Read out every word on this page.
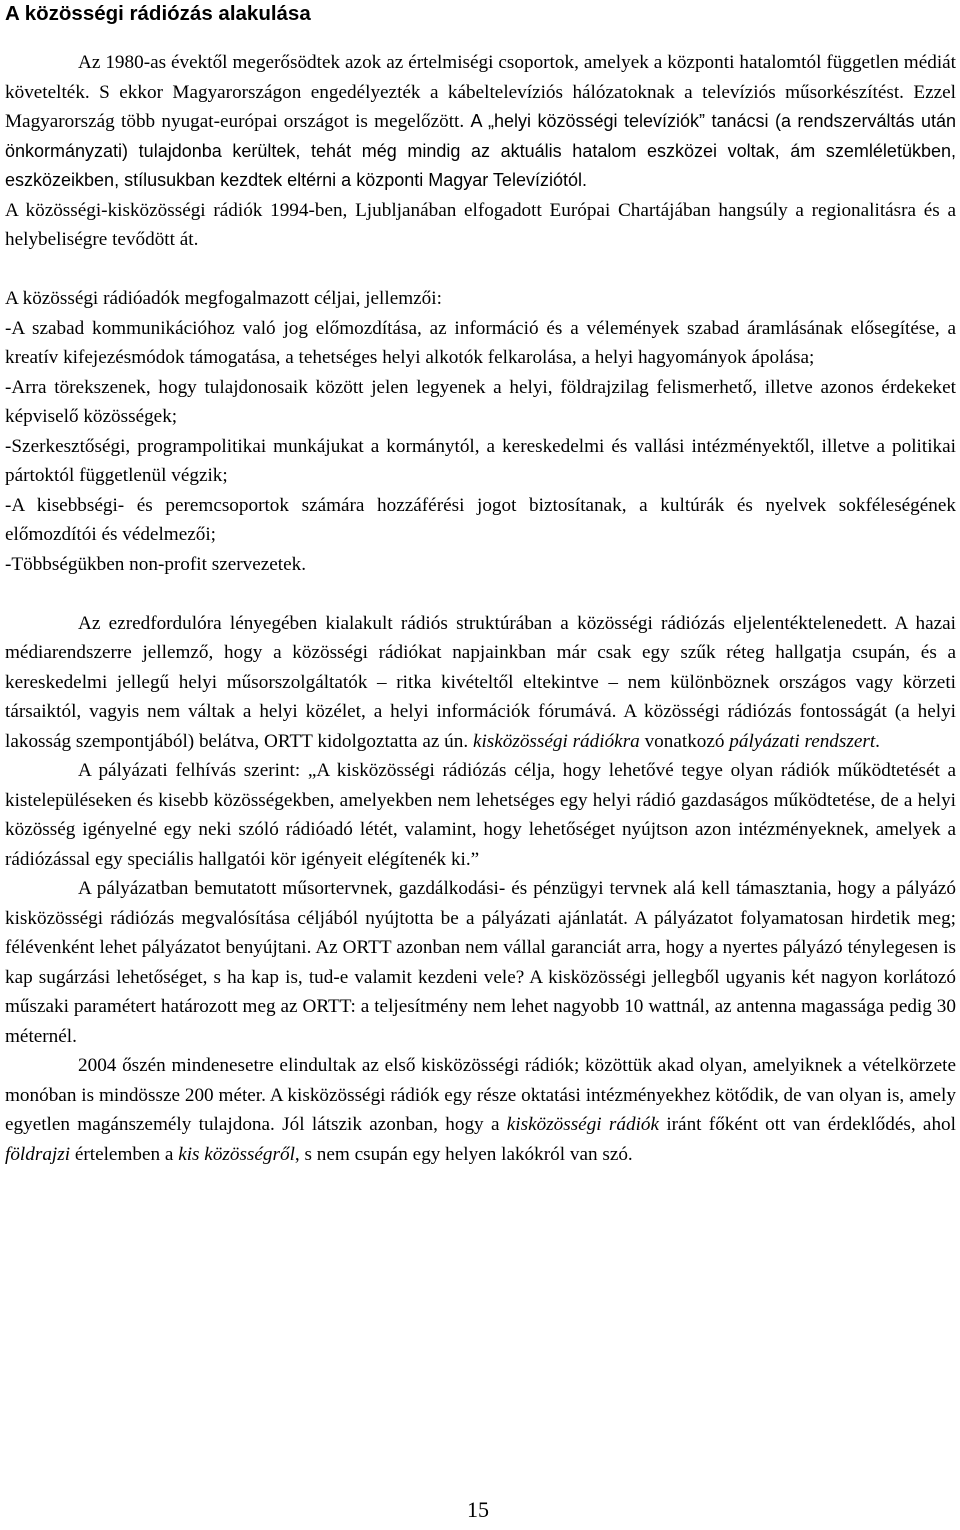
A közösségi rádiózás alakulása

Az 1980-as évektől megerősödtek azok az értelmiségi csoportok, amelyek a központi hatalomtól független médiát követelték. S ekkor Magyarországon engedélyezték a kábeltelevíziós hálózatoknak a televíziós műsorkészítést. Ezzel Magyarország több nyugat-európai országot is megelőzött. A „helyi közösségi televíziók” tanácsi (a rendszerváltás után önkormányzati) tulajdonba kerültek, tehát még mindig az aktuális hatalom eszközei voltak, ám szemléletükben, eszközeikben, stílusukban kezdtek eltérni a központi Magyar Televíziótól.

A közösségi-kisközösségi rádiók 1994-ben, Ljubljanában elfogadott Európai Chartájában hangsúly a regionalitásra és a helybeliségre tevődött át.

A közösségi rádióadók megfogalmazott céljai, jellemzői:

-A szabad kommunikációhoz való jog előmozdítása, az információ és a vélemények szabad áramlásának elősegítése, a kreatív kifejezésmódok támogatása, a tehetséges helyi alkotók felkarolása, a helyi hagyományok ápolása;

-Arra törekszenek, hogy tulajdonosaik között jelen legyenek a helyi, földrajzilag felismerhető, illetve azonos érdekeket képviselő közösségek;

-Szerkesztőségi, programpolitikai munkájukat a kormánytól, a kereskedelmi és vallási intézményektől, illetve a politikai pártoktól függetlenül végzik;

-A kisebbségi- és peremcsoportok számára hozzáférési jogot biztosítanak, a kultúrák és nyelvek sokféleségének előmozdítói és védelmezői;

-Többségükben non-profit szervezetek.

Az ezredfordulóra lényegében kialakult rádiós struktúrában a közösségi rádiózás eljelentéktelenedett. A hazai médiarendszerre jellemző, hogy a közösségi rádiókat napjainkban már csak egy szűk réteg hallgatja csupán, és a kereskedelmi jellegű helyi műsorszolgáltatók – ritka kivételtől eltekintve – nem különböznek országos vagy körzeti társaiktól, vagyis nem váltak a helyi közélet, a helyi információk fórumává. A közösségi rádiózás fontosságát (a helyi lakosság szempontjából) belátva, ORTT kidolgoztatta az ún. kisközösségi rádiókra vonatkozó pályázati rendszert.

A pályázati felhívás szerint: „A kisközösségi rádiózás célja, hogy lehetővé tegye olyan rádiók működtetését a kistelepüléseken és kisebb közösségekben, amelyekben nem lehetséges egy helyi rádió gazdaságos működtetése, de a helyi közösség igényelné egy neki szóló rádióadó létét, valamint, hogy lehetőséget nyújtson azon intézményeknek, amelyek a rádiózással egy speciális hallgatói kör igényeit elégítenék ki.”

A pályázatban bemutatott műsortervnek, gazdálkodási- és pénzügyi tervnek alá kell támasztania, hogy a pályázó kisközösségi rádiózás megvalósítása céljából nyújtotta be a pályázati ajánlatát. A pályázatot folyamatosan hirdetik meg; félévenként lehet pályázatot benyújtani. Az ORTT azonban nem vállal garanciát arra, hogy a nyertes pályázó ténylegesen is kap sugárzási lehetőséget, s ha kap is, tud-e valamit kezdeni vele? A kisközösségi jellegből ugyanis két nagyon korlátozó műszaki paramétert határozott meg az ORTT: a teljesítmény nem lehet nagyobb 10 wattnál, az antenna magassága pedig 30 méternél.

2004 őszén mindenesetre elindultak az első kisközösségi rádiók; közöttük akad olyan, amelyiknek a vételkörzete monóban is mindössze 200 méter. A kisközösségi rádiók egy része oktatási intézményekhez kötődik, de van olyan is, amely egyetlen magánszemély tulajdona. Jól látszik azonban, hogy a kisközösségi rádiók iránt főként ott van érdeklődés, ahol földrajzi értelemben a kis közösségről, s nem csupán egy helyen lakókról van szó.

15
